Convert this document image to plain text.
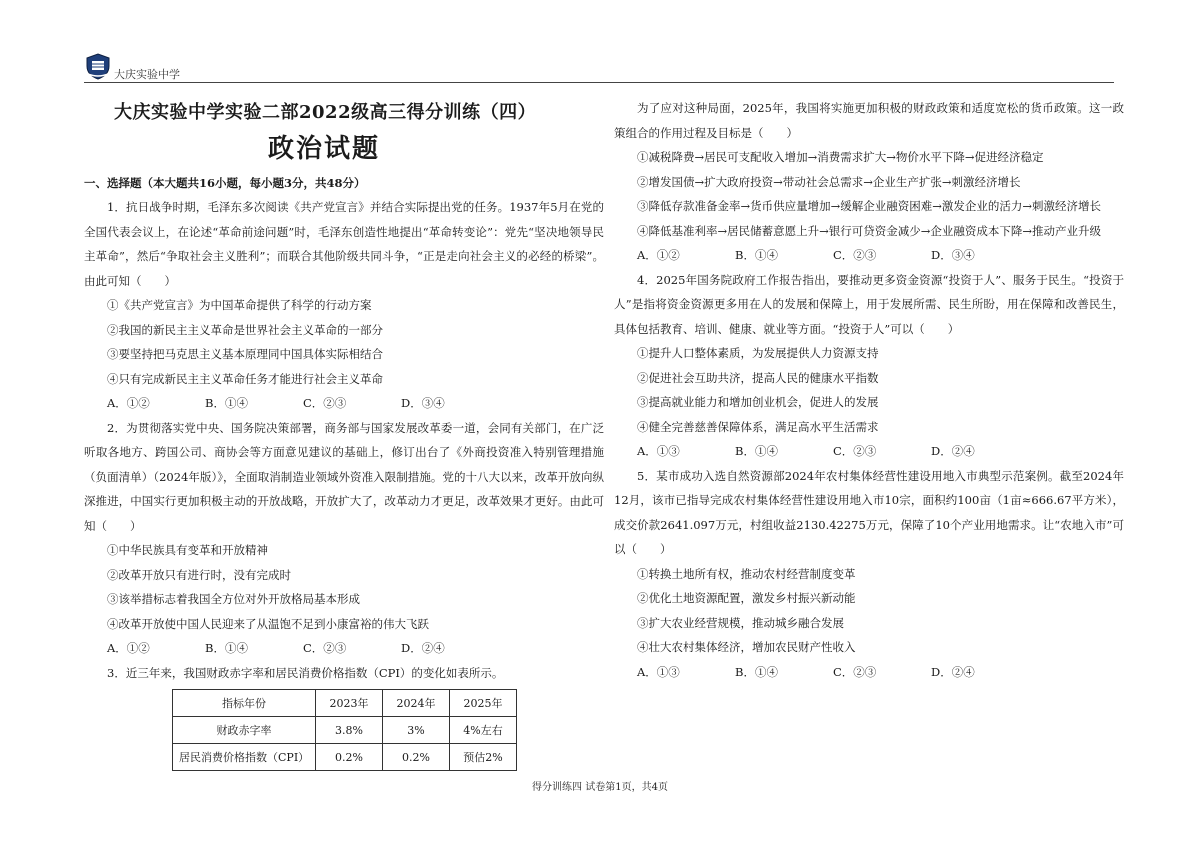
大庆实验中学
大庆实验中学实验二部2022级高三得分训练（四）
政治试题
一、选择题（本大题共16小题，每小题3分，共48分）

1．抗日战争时期，毛泽东多次阅读《共产党宣言》并结合实际提出党的任务。1937年5月在党的全国代表会议上，在论述“革命前途问题”时，毛泽东创造性地提出“革命转变论”：党先“坚决地领导民主革命”，然后“争取社会主义胜利”；而联合其他阶级共同斗争，“正是走向社会主义的必经的桥梁”。由此可知（　　）

①《共产党宣言》为中国革命提供了科学的行动方案
②我国的新民主主义革命是世界社会主义革命的一部分
③要坚持把马克思主义基本原理同中国具体实际相结合
④只有完成新民主主义革命任务才能进行社会主义革命
A．①②	B．①④	C．②③	D．③④

2．为贯彻落实党中央、国务院决策部署，商务部与国家发展改革委一道，会同有关部门，在广泛听取各地方、跨国公司、商协会等方面意见建议的基础上，修订出台了《外商投资准入特别管理措施（负面清单）（2024年版）》，全面取消制造业领域外资准入限制措施。党的十八大以来，改革开放向纵深推进，中国实行更加积极主动的开放战略，开放扩大了，改革动力才更足，改革效果才更好。由此可知（　　）

①中华民族具有变革和开放精神
②改革开放只有进行时，没有完成时
③该举措标志着我国全方位对外开放格局基本形成
④改革开放使中国人民迎来了从温饱不足到小康富裕的伟大飞跃
A．①②	B．①④	C．②③	D．②④

3．近三年来，我国财政赤字率和居民消费价格指数（CPI）的变化如表所示。

指标年份	2023年	2024年	2025年
财政赤字率	3.8%	3%	4%左右
居民消费价格指数（CPI）	0.2%	0.2%	预估2%

为了应对这种局面，2025年，我国将实施更加积极的财政政策和适度宽松的货币政策。这一政策组合的作用过程及目标是（　　）

①减税降费→居民可支配收入增加→消费需求扩大→物价水平下降→促进经济稳定
②增发国债→扩大政府投资→带动社会总需求→企业生产扩张→刺激经济增长
③降低存款准备金率→货币供应量增加→缓解企业融资困难→激发企业的活力→刺激经济增长
④降低基准利率→居民储蓄意愿上升→银行可贷资金减少→企业融资成本下降→推动产业升级
A．①②	B．①④	C．②③	D．③④

4．2025年国务院政府工作报告指出，要推动更多资金资源“投资于人”、服务于民生。“投资于人”是指将资金资源更多用在人的发展和保障上，用于发展所需、民生所盼，用在保障和改善民生，具体包括教育、培训、健康、就业等方面。“投资于人”可以（　　）

①提升人口整体素质，为发展提供人力资源支持
②促进社会互助共济，提高人民的健康水平指数
③提高就业能力和增加创业机会，促进人的发展
④健全完善慈善保障体系，满足高水平生活需求
A．①③	B．①④	C．②③	D．②④

5．某市成功入选自然资源部2024年农村集体经营性建设用地入市典型示范案例。截至2024年12月，该市已指导完成农村集体经营性建设用地入市10宗，面积约100亩（1亩≈666.67平方米），成交价款2641.097万元，村组收益2130.42275万元，保障了10个产业用地需求。让“农地入市”可以（　　）

①转换土地所有权，推动农村经营制度变革
②优化土地资源配置，激发乡村振兴新动能
③扩大农业经营规模，推动城乡融合发展
④壮大农村集体经济，增加农民财产性收入
A．①③	B．①④	C．②③	D．②④
得分训练四 试卷第1页，共4页
